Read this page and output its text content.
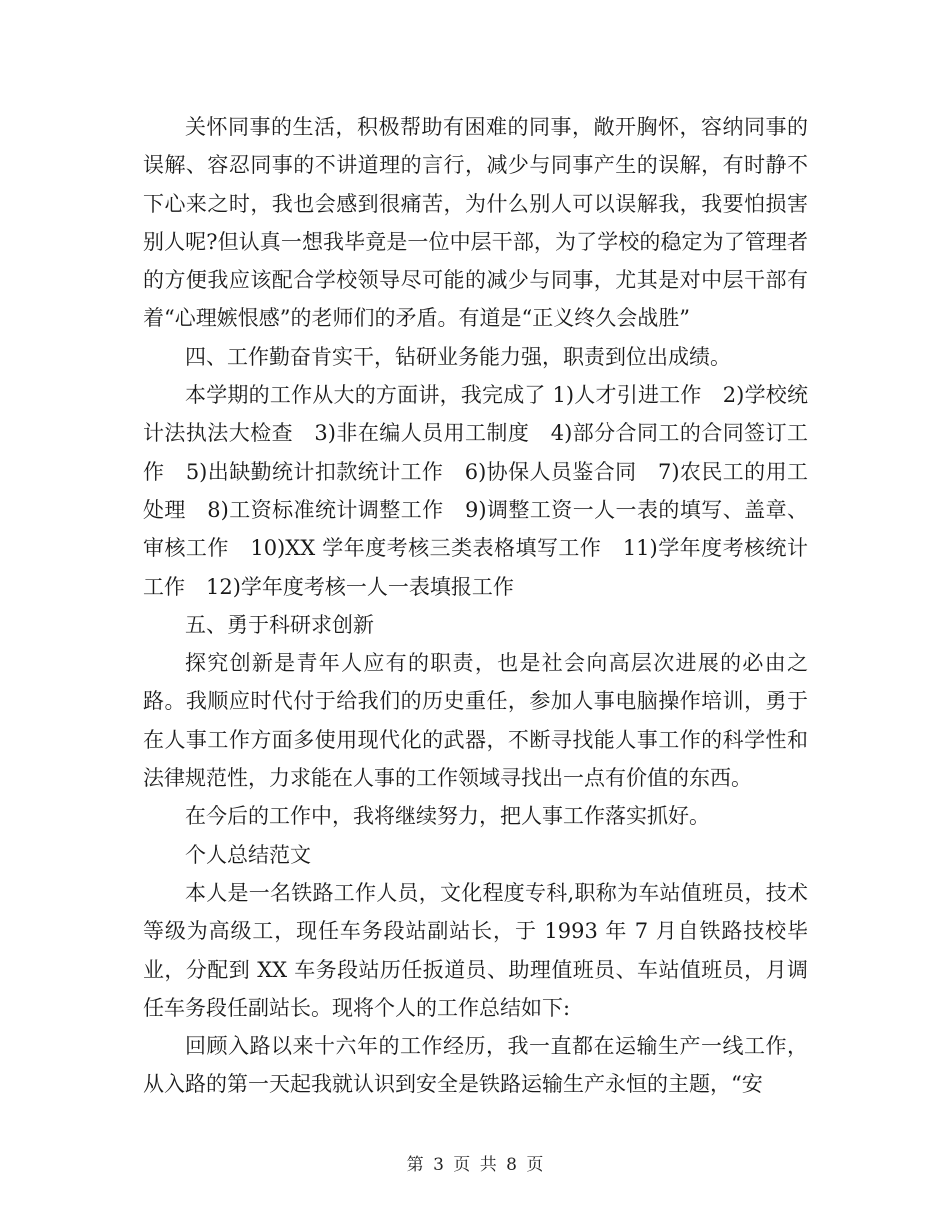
关怀同事的生活，积极帮助有困难的同事，敞开胸怀，容纳同事的误解、容忍同事的不讲道理的言行，减少与同事产生的误解，有时静不下心来之时，我也会感到很痛苦，为什么别人可以误解我，我要怕损害别人呢?但认真一想我毕竟是一位中层干部，为了学校的稳定为了管理者的方便我应该配合学校领导尽可能的减少与同事，尤其是对中层干部有着“心理嫉恨感”的老师们的矛盾。有道是“正义终久会战胜”

四、工作勤奋肯实干，钻研业务能力强，职责到位出成绩。

本学期的工作从大的方面讲，我完成了 1)人才引进工作　2)学校统计法执法大检查　3)非在编人员用工制度　4)部分合同工的合同签订工作　5)出缺勤统计扣款统计工作　6)协保人员鉴合同　7)农民工的用工处理　8)工资标准统计调整工作　9)调整工资一人一表的填写、盖章、审核工作　10)XX 学年度考核三类表格填写工作　11)学年度考核统计工作　12)学年度考核一人一表填报工作

五、勇于科研求创新

探究创新是青年人应有的职责，也是社会向高层次进展的必由之路。我顺应时代付于给我们的历史重任，参加人事电脑操作培训，勇于在人事工作方面多使用现代化的武器，不断寻找能人事工作的科学性和法律规范性，力求能在人事的工作领域寻找出一点有价值的东西。

在今后的工作中，我将继续努力，把人事工作落实抓好。

个人总结范文

本人是一名铁路工作人员，文化程度专科,职称为车站值班员，技术等级为高级工，现任车务段站副站长，于 1993 年 7 月自铁路技校毕业，分配到 XX 车务段站历任扳道员、助理值班员、车站值班员，月调任车务段任副站长。现将个人的工作总结如下:

回顾入路以来十六年的工作经历，我一直都在运输生产一线工作，从入路的第一天起我就认识到安全是铁路运输生产永恒的主题，“安

第 3 页 共 8 页
